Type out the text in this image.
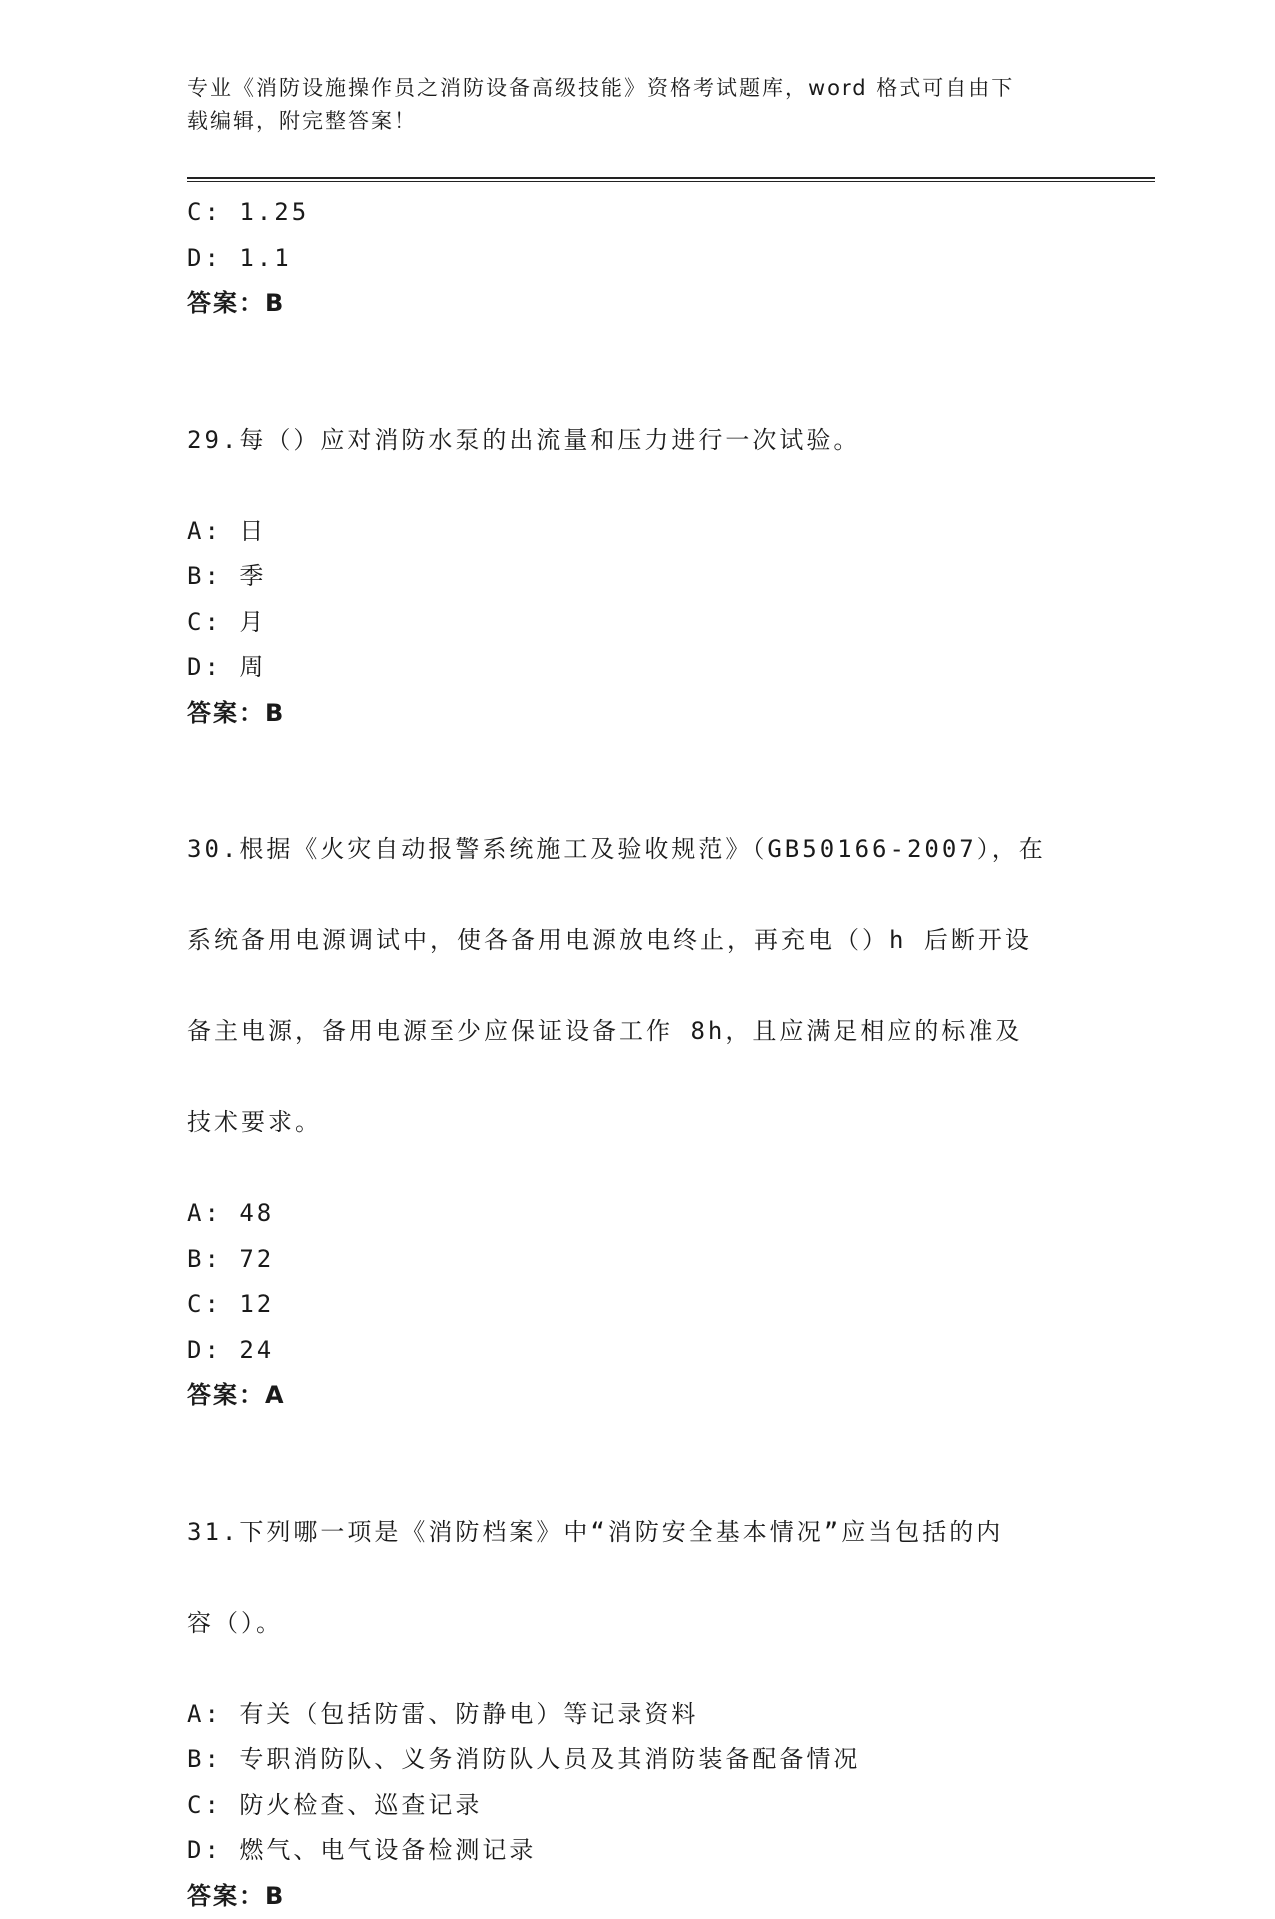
专业《消防设施操作员之消防设备高级技能》资格考试题库，word 格式可自由下
载编辑，附完整答案！
C: 1.25
D: 1.1
答案：B

29.每（）应对消防水泵的出流量和压力进行一次试验。

A: 日
B: 季
C: 月
D: 周
答案：B

30.根据《火灾自动报警系统施工及验收规范》（GB50166-2007），在

系统备用电源调试中，使各备用电源放电终止，再充电（）h 后断开设

备主电源，备用电源至少应保证设备工作 8h，且应满足相应的标准及

技术要求。

A: 48
B: 72
C: 12
D: 24
答案：A

31.下列哪一项是《消防档案》中“消防安全基本情况”应当包括的内

容（）。

A: 有关（包括防雷、防静电）等记录资料
B: 专职消防队、义务消防队人员及其消防装备配备情况
C: 防火检查、巡查记录
D: 燃气、电气设备检测记录
答案：B
